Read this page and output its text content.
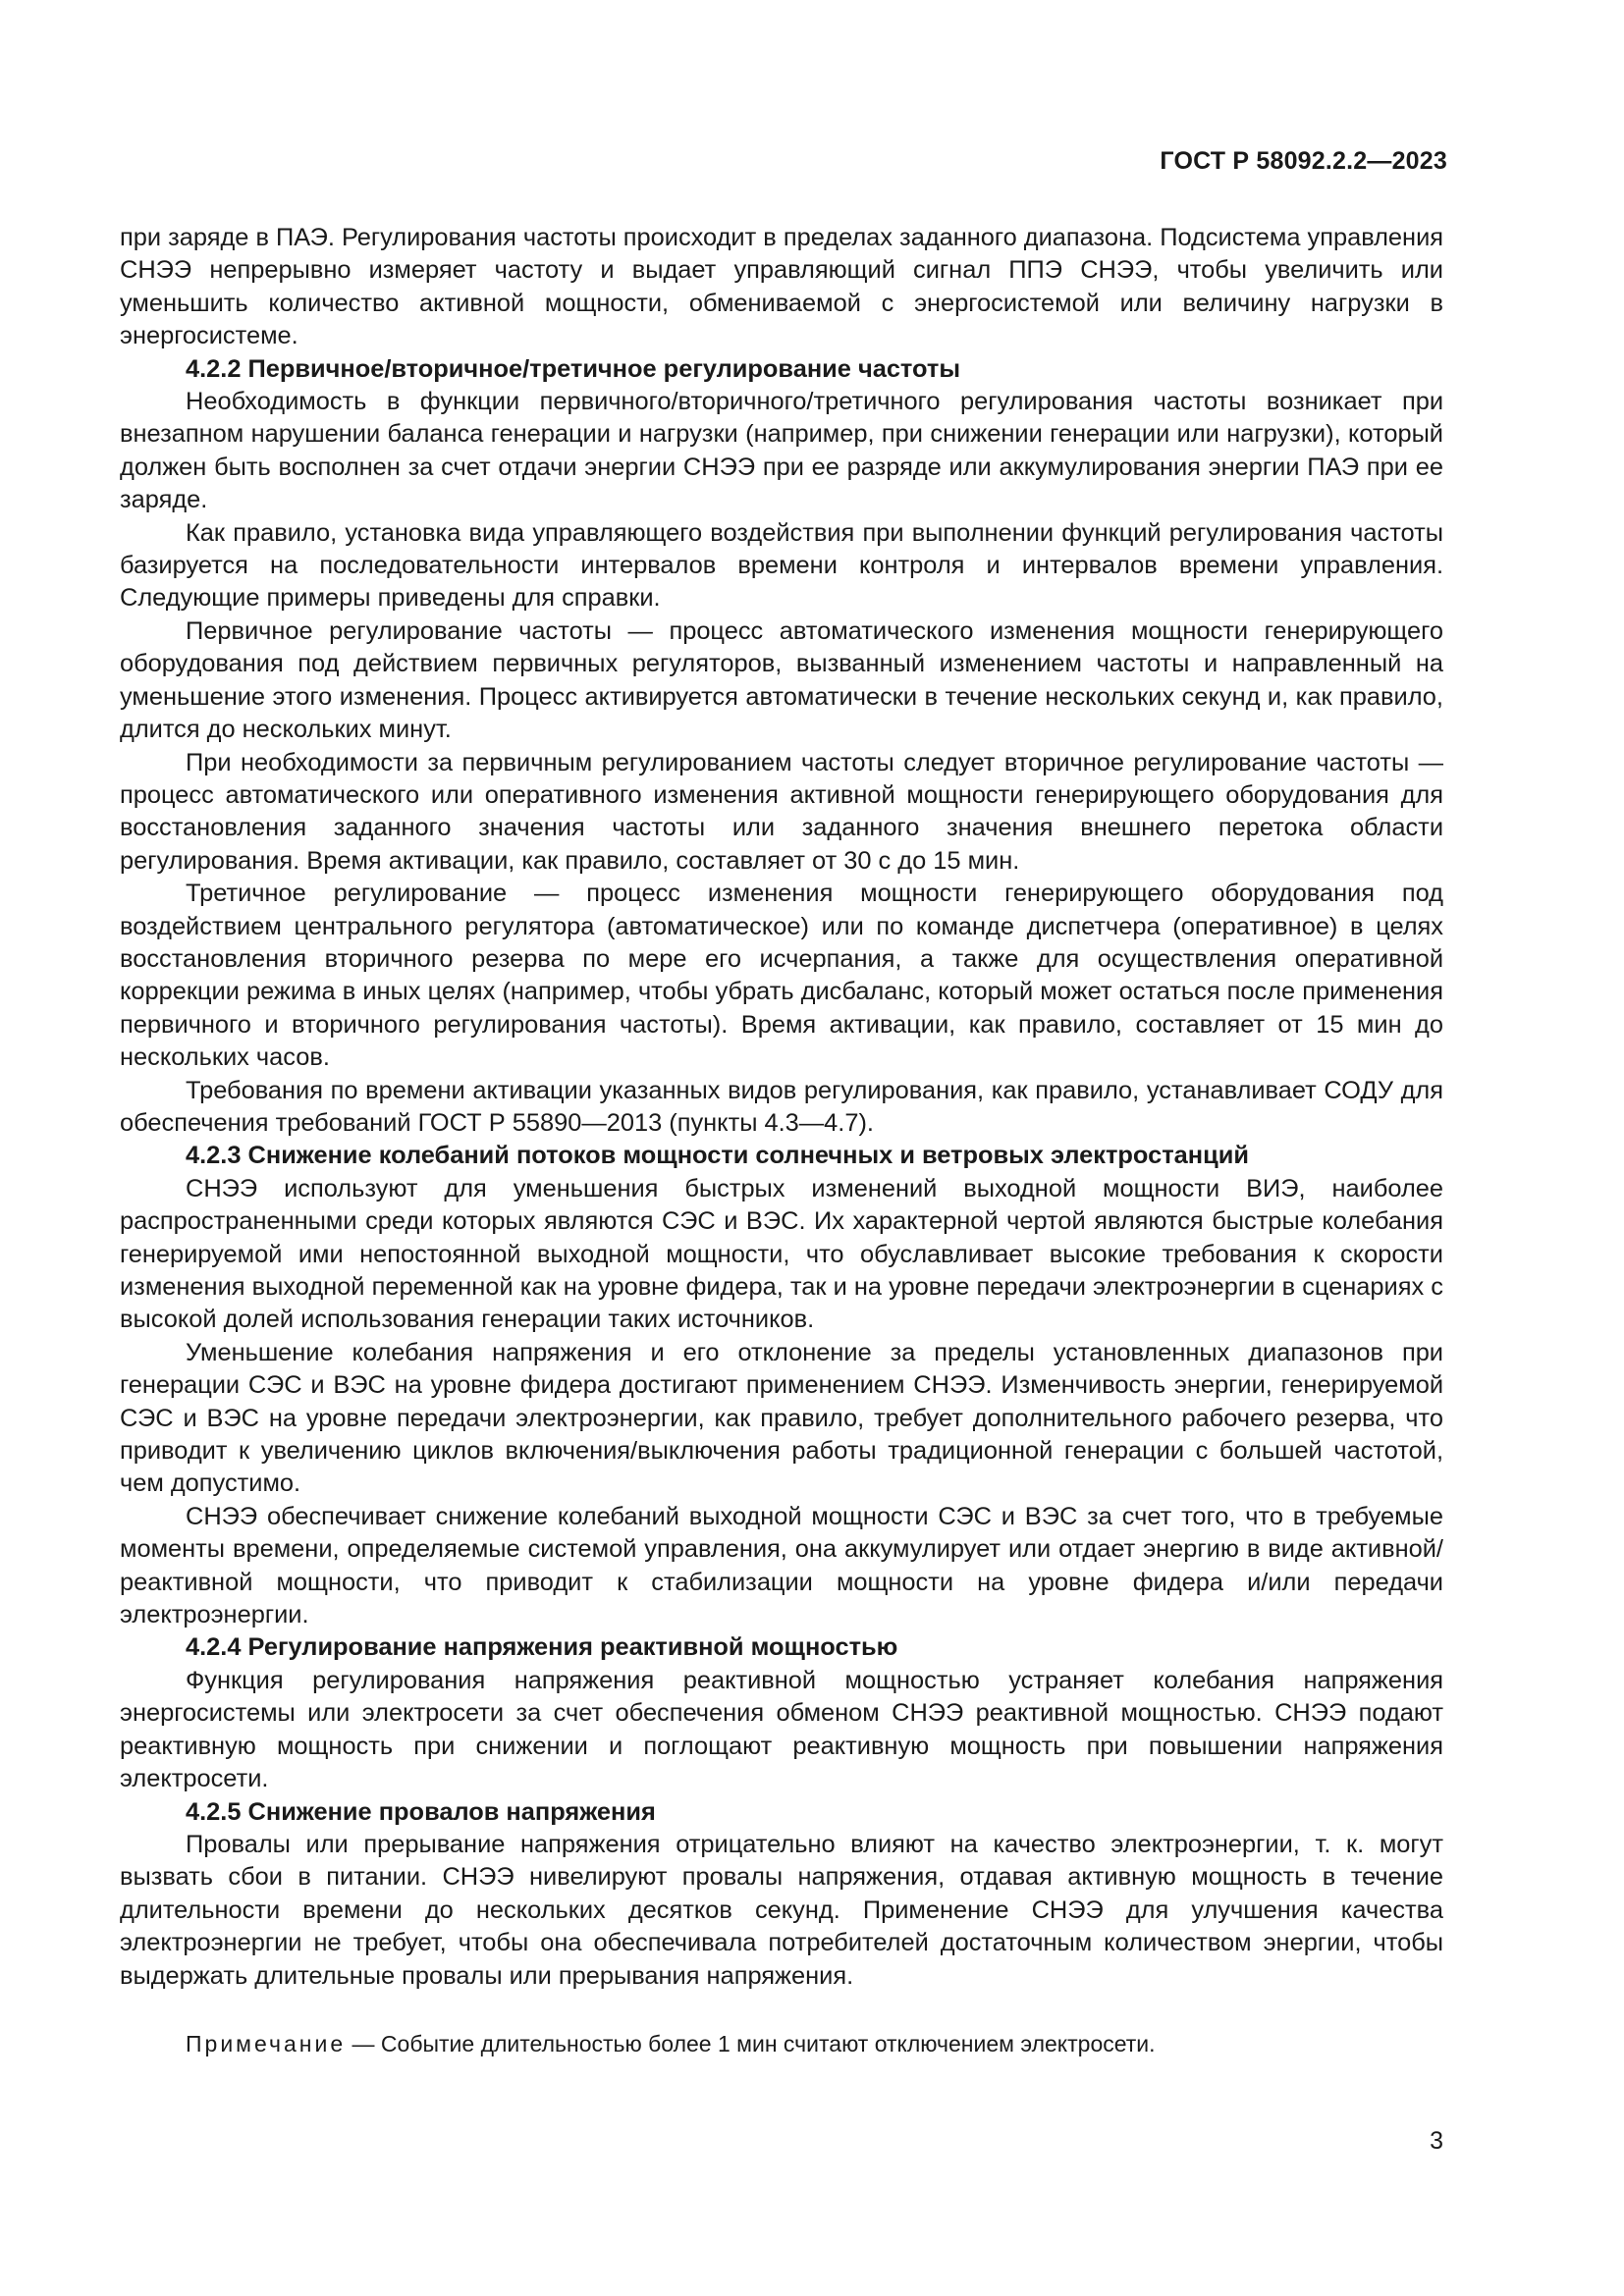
ГОСТ Р 58092.2.2—2023

при заряде в ПАЭ. Регулирования частоты происходит в пределах заданного диапазона. Подсистема управления СНЭЭ непрерывно измеряет частоту и выдает управляющий сигнал ППЭ СНЭЭ, чтобы увеличить или уменьшить количество активной мощности, обмениваемой с энергосистемой или величину нагрузки в энергосистеме.

4.2.2 Первичное/вторичное/третичное регулирование частоты

Необходимость в функции первичного/вторичного/третичного регулирования частоты возникает при внезапном нарушении баланса генерации и нагрузки (например, при снижении генерации или нагрузки), который должен быть восполнен за счет отдачи энергии СНЭЭ при ее разряде или аккумулирования энергии ПАЭ при ее заряде.

Как правило, установка вида управляющего воздействия при выполнении функций регулирования частоты базируется на последовательности интервалов времени контроля и интервалов времени управления. Следующие примеры приведены для справки.

Первичное регулирование частоты — процесс автоматического изменения мощности генерирующего оборудования под действием первичных регуляторов, вызванный изменением частоты и направленный на уменьшение этого изменения. Процесс активируется автоматически в течение нескольких секунд и, как правило, длится до нескольких минут.

При необходимости за первичным регулированием частоты следует вторичное регулирование частоты — процесс автоматического или оперативного изменения активной мощности генерирующего оборудования для восстановления заданного значения частоты или заданного значения внешнего перетока области регулирования. Время активации, как правило, составляет от 30 с до 15 мин.

Третичное регулирование — процесс изменения мощности генерирующего оборудования под воздействием центрального регулятора (автоматическое) или по команде диспетчера (оперативное) в целях восстановления вторичного резерва по мере его исчерпания, а также для осуществления оперативной коррекции режима в иных целях (например, чтобы убрать дисбаланс, который может остаться после применения первичного и вторичного регулирования частоты). Время активации, как правило, составляет от 15 мин до нескольких часов.

Требования по времени активации указанных видов регулирования, как правило, устанавливает СОДУ для обеспечения требований ГОСТ Р 55890—2013 (пункты 4.3—4.7).

4.2.3 Снижение колебаний потоков мощности солнечных и ветровых электростанций

СНЭЭ используют для уменьшения быстрых изменений выходной мощности ВИЭ, наиболее распространенными среди которых являются СЭС и ВЭС. Их характерной чертой являются быстрые колебания генерируемой ими непостоянной выходной мощности, что обуславливает высокие требования к скорости изменения выходной переменной как на уровне фидера, так и на уровне передачи электроэнергии в сценариях с высокой долей использования генерации таких источников.

Уменьшение колебания напряжения и его отклонение за пределы установленных диапазонов при генерации СЭС и ВЭС на уровне фидера достигают применением СНЭЭ. Изменчивость энергии, генерируемой СЭС и ВЭС на уровне передачи электроэнергии, как правило, требует дополнительного рабочего резерва, что приводит к увеличению циклов включения/выключения работы традиционной генерации с большей частотой, чем допустимо.

СНЭЭ обеспечивает снижение колебаний выходной мощности СЭС и ВЭС за счет того, что в требуемые моменты времени, определяемые системой управления, она аккумулирует или отдает энергию в виде активной/реактивной мощности, что приводит к стабилизации мощности на уровне фидера и/или передачи электроэнергии.

4.2.4 Регулирование напряжения реактивной мощностью

Функция регулирования напряжения реактивной мощностью устраняет колебания напряжения энергосистемы или электросети за счет обеспечения обменом СНЭЭ реактивной мощностью. СНЭЭ подают реактивную мощность при снижении и поглощают реактивную мощность при повышении напряжения электросети.

4.2.5 Снижение провалов напряжения

Провалы или прерывание напряжения отрицательно влияют на качество электроэнергии, т. к. могут вызвать сбои в питании. СНЭЭ нивелируют провалы напряжения, отдавая активную мощность в течение длительности времени до нескольких десятков секунд. Применение СНЭЭ для улучшения качества электроэнергии не требует, чтобы она обеспечивала потребителей достаточным количеством энергии, чтобы выдержать длительные провалы или прерывания напряжения.

Примечание — Событие длительностью более 1 мин считают отключением электросети.
3
